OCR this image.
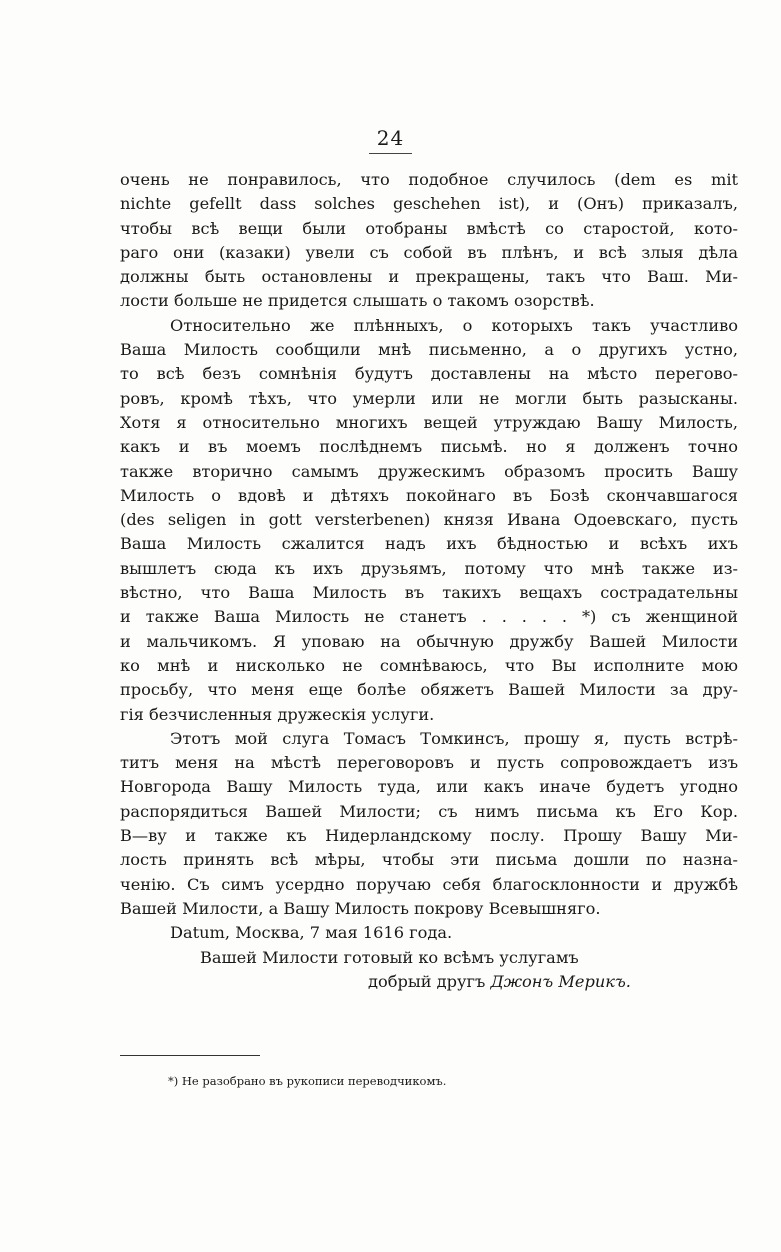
24
очень не понравилось, что подобное случилось (dem es mit
nichte gefellt dass solches geschehen ist), и (Онъ) приказалъ,
чтобы всѣ вещи были отобраны вмѣстѣ со старостой, кото-
раго они (казаки) увели съ собой въ плѣнъ, и всѣ злыя дѣла
должны быть остановлены и прекращены, такъ что Ваш. Ми-
лости больше не придется слышать о такомъ озорствѣ.
Относительно же плѣнныхъ, о которыхъ такъ участливо
Ваша Милость сообщили мнѣ письменно, а о другихъ устно,
то всѣ безъ сомнѣнія будутъ доставлены на мѣсто перегово-
ровъ, кромѣ тѣхъ, что умерли или не могли быть разысканы.
Хотя я относительно многихъ вещей утруждаю Вашу Милость,
какъ и въ моемъ послѣднемъ письмѣ. но я долженъ точно
также вторично самымъ дружескимъ образомъ просить Вашу
Милость о вдовѣ и дѣтяхъ покойнаго въ Бозѣ скончавшагося
(des seligen in gott versterbenen) князя Ивана Одоевскаго, пусть
Ваша Милость сжалится надъ ихъ бѣдностью и всѣхъ ихъ
вышлетъ сюда къ ихъ друзьямъ, потому что мнѣ также из-
вѣстно, что Ваша Милость въ такихъ вещахъ сострадательны
и также Ваша Милость не станетъ . . . . . *) съ женщиной
и мальчикомъ. Я уповаю на обычную дружбу Вашей Милости
ко мнѣ и нисколько не сомнѣваюсь, что Вы исполните мою
просьбу, что меня еще болѣе обяжетъ Вашей Милости за дру-
гія безчисленныя дружескія услуги.
Этотъ мой слуга Томасъ Томкинсъ, прошу я, пусть встрѣ-
титъ меня на мѣстѣ переговоровъ и пусть сопровождаетъ изъ
Новгорода Вашу Милость туда, или какъ иначе будетъ угодно
распорядиться Вашей Милости; съ нимъ письма къ Его Кор.
В—ву и также къ Нидерландскому послу. Прошу Вашу Ми-
лость принять всѣ мѣры, чтобы эти письма дошли по назна-
ченію. Съ симъ усердно поручаю себя благосклонности и дружбѣ
Вашей Милости, а Вашу Милость покрову Всевышняго.
Datum, Москва, 7 мая 1616 года.
Вашей Милости готовый ко всѣмъ услугамъ
добрый другъ Джонъ Мерикъ.
*) Не разобрано въ рукописи переводчикомъ.
